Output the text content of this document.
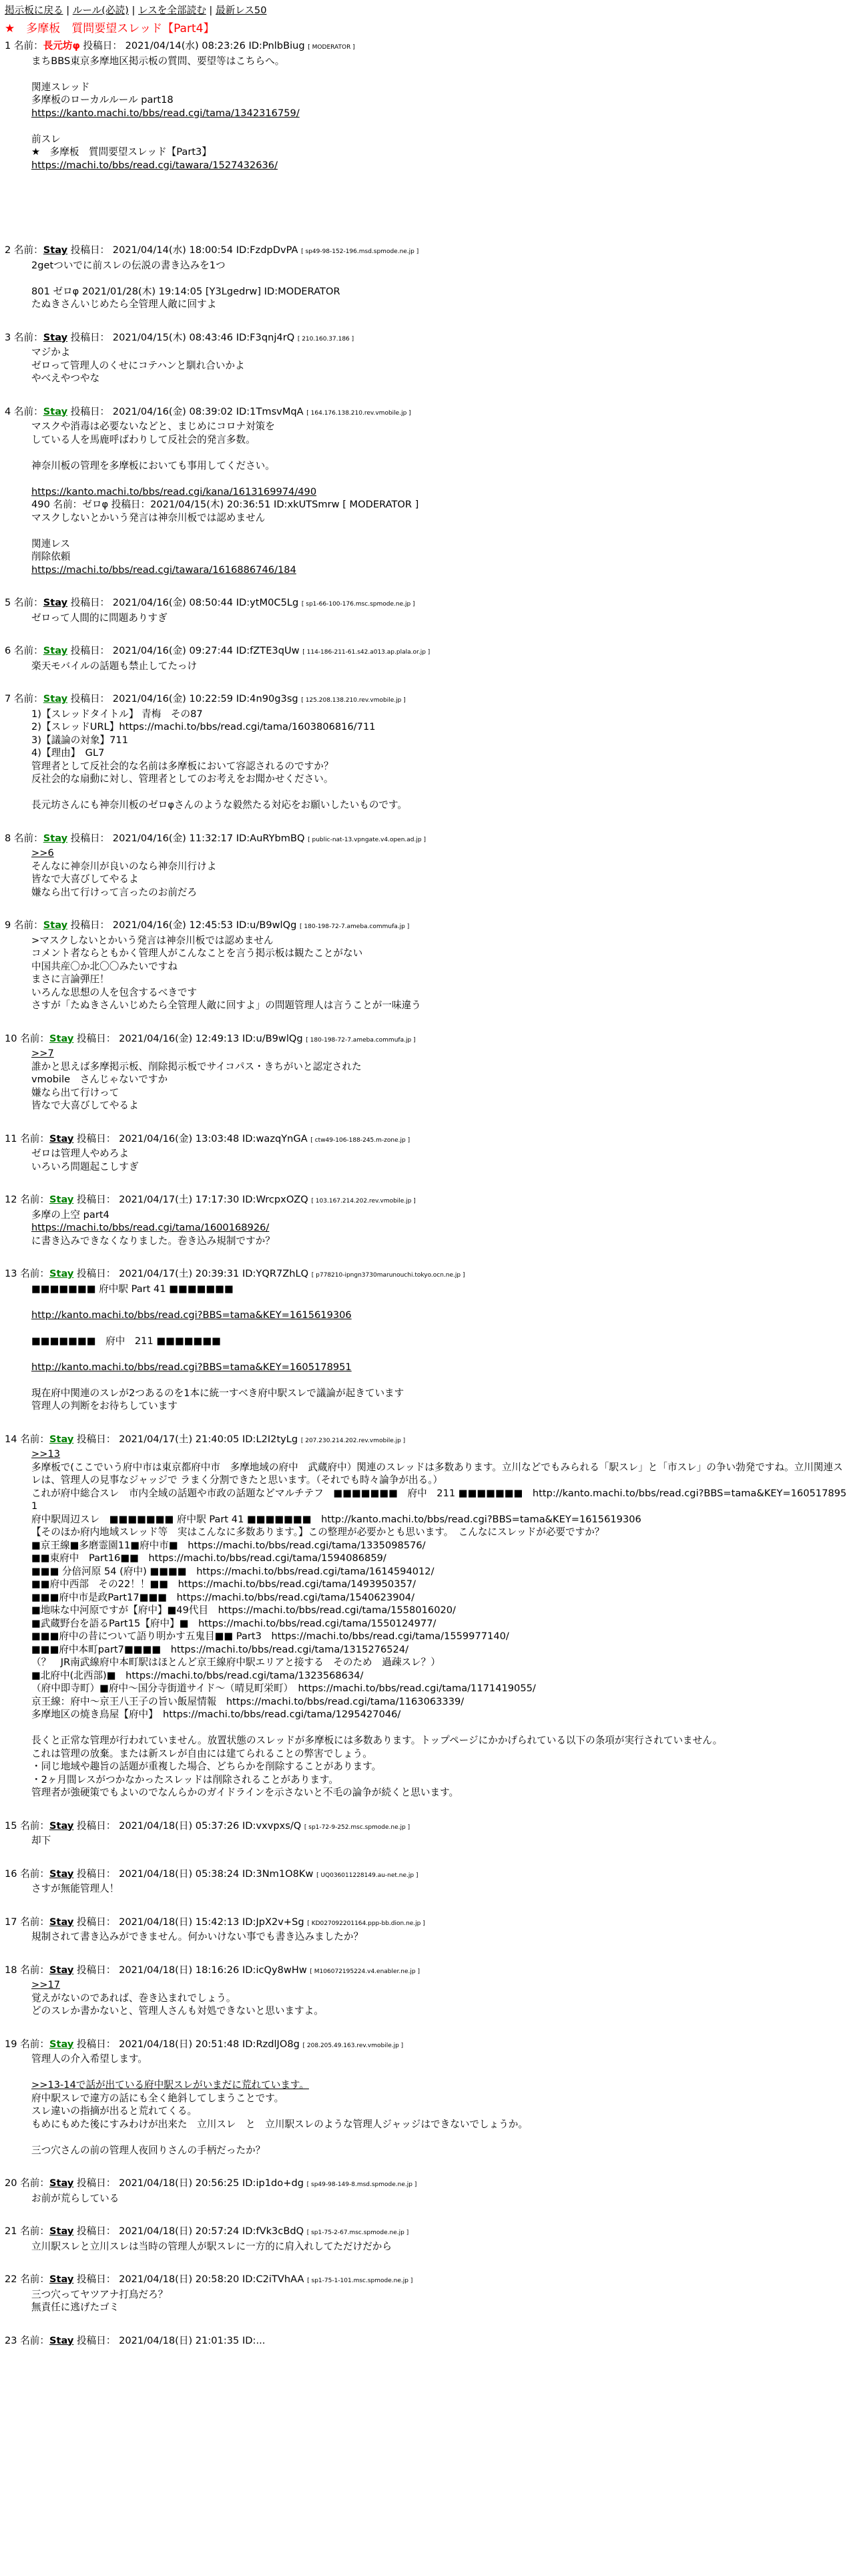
掲示板に戻る | ルール(必読) | レスを全部読む | 最新レス50
★　多摩板　質問要望スレッド【Part4】
1 名前：長元坊φ 投稿日： 2021/04/14(水) 08:23:26 ID:PnlbBiug [ MODERATOR ]
まちBBS東京多摩地区掲示板の質問、要望等はこちらへ。

関連スレッド
多摩板のローカルルール part18
https://kanto.machi.to/bbs/read.cgi/tama/1342316759/

前スレ
★　多摩板　質問要望スレッド【Part3】
https://machi.to/bbs/read.cgi/tawara/1527432636/

2 名前：Stay 投稿日： 2021/04/14(水) 18:00:54 ID:FzdpDvPA [ sp49-98-152-196.msd.spmode.ne.jp ]
2getついでに前スレの伝説の書き込みを1つ

801 ゼロφ 2021/01/28(木) 19:14:05 [Y3Lgedrw] ID:MODERATOR
たぬきさんいじめたら全管理人敵に回すよ
3 名前：Stay 投稿日： 2021/04/15(木) 08:43:46 ID:F3qnj4rQ [ 210.160.37.186 ]
マジかよ
ゼロって管理人のくせにコテハンと馴れ合いかよ
やべえやつやな
4 名前：Stay 投稿日： 2021/04/16(金) 08:39:02 ID:1TmsvMqA [ 164.176.138.210.rev.vmobile.jp ]
マスクや消毒は必要ないなどと、まじめにコロナ対策を
している人を馬鹿呼ばわりして反社会的発言多数。

神奈川板の管理を多摩板においても事用してください。

https://kanto.machi.to/bbs/read.cgi/kana/1613169974/490
490 名前：ゼロφ 投稿日：2021/04/15(木) 20:36:51 ID:xkUTSmrw [ MODERATOR ]
マスクしないとかいう発言は神奈川板では認めません

関連レス
削除依頼
https://machi.to/bbs/read.cgi/tawara/1616886746/184
5 名前：Stay 投稿日： 2021/04/16(金) 08:50:44 ID:ytM0C5Lg [ sp1-66-100-176.msc.spmode.ne.jp ]
ゼロって人間的に問題ありすぎ
6 名前：Stay 投稿日： 2021/04/16(金) 09:27:44 ID:fZTE3qUw [ 114-186-211-61.s42.a013.ap.plala.or.jp ]
楽天モバイルの話題も禁止してたっけ
7 名前：Stay 投稿日： 2021/04/16(金) 10:22:59 ID:4n90g3sg [ 125.208.138.210.rev.vmobile.jp ]
1)【スレッドタイトル】 青梅　その87
2)【スレッドURL】https://machi.to/bbs/read.cgi/tama/1603806816/711
3)【議論の対象】711
4)【理由】　GL7
管理者として反社会的な名前は多摩板において容認されるのですか？
反社会的な扇動に対し、管理者としてのお考えをお聞かせください。

長元坊さんにも神奈川板のゼロφさんのような毅然たる対応をお願いしたいものです。
8 名前：Stay 投稿日： 2021/04/16(金) 11:32:17 ID:AuRYbmBQ [ public-nat-13.vpngate.v4.open.ad.jp ]
>>6
そんなに神奈川が良いのなら神奈川行けよ
皆なで大喜びしてやるよ
嫌なら出て行けって言ったのお前だろ
9 名前：Stay 投稿日： 2021/04/16(金) 12:45:53 ID:u/B9wlQg [ 180-198-72-7.ameba.commufa.jp ]
>マスクしないとかいう発言は神奈川板では認めません
コメント者ならともかく管理人がこんなことを言う掲示板は観たことがない
中国共産〇か北〇〇みたいですね
まさに言論弾圧！
いろんな思想の人を包含するべきです
さすが「たぬきさんいじめたら全管理人敵に回すよ」の問題管理人は言うことが一味違う
10 名前：Stay 投稿日： 2021/04/16(金) 12:49:13 ID:u/B9wlQg [ 180-198-72-7.ameba.commufa.jp ]
>>7
誰かと思えば多摩掲示板、削除掲示板でサイコパス・きちがいと認定された
vmobile　さんじゃないですか
嫌なら出て行けって
皆なで大喜びしてやるよ
11 名前：Stay 投稿日： 2021/04/16(金) 13:03:48 ID:wazqYnGA [ ctw49-106-188-245.m-zone.jp ]
ゼロは管理人やめろよ
いろいろ問題起こしすぎ
12 名前：Stay 投稿日： 2021/04/17(土) 17:17:30 ID:WrcpxOZQ [ 103.167.214.202.rev.vmobile.jp ]
多摩の上空 part4
https://machi.to/bbs/read.cgi/tama/1600168926/
に書き込みできなくなりました。巻き込み規制ですか？
13 名前：Stay 投稿日： 2021/04/17(土) 20:39:31 ID:YQR7ZhLQ [ p778210-ipngn3730marunouchi.tokyo.ocn.ne.jp ]
■■■■■■■ 府中駅 Part 41 ■■■■■■■

http://kanto.machi.to/bbs/read.cgi?BBS=tama&KEY=1615619306

■■■■■■■　府中　211 ■■■■■■■

http://kanto.machi.to/bbs/read.cgi?BBS=tama&KEY=1605178951

現在府中関連のスレが2つあるのを1本に統一すべき府中駅スレで議論が起きています
管理人の判断をお待ちしています
14 名前：Stay 投稿日： 2021/04/17(土) 21:40:05 ID:L2I2tyLg [ 207.230.214.202.rev.vmobile.jp ]
>>13
多摩板で(ここでいう府中市は東京都府中市　多摩地域の府中　武蔵府中）関連のスレッドは多数あります。立川などでもみられる「駅スレ」と「市スレ」の争い勃発ですね。立川関連スレは、管理人の見事なジャッジで ラまく分割できたと思います。（それでも時々論争が出る。）
これが府中総合スレ　市内全域の話題や市政の話題などマルチテフ　■■■■■■■　府中　211 ■■■■■■■　http://kanto.machi.to/bbs/read.cgi?BBS=tama&KEY=1605178951
府中駅周辺スレ　■■■■■■■ 府中駅 Part 41 ■■■■■■■　http://kanto.machi.to/bbs/read.cgi?BBS=tama&KEY=1615619306
【そのほか府内地域スレッド等　実はこんなに多数あります。】この整理が必要かとも思います。　こんなにスレッドが必要ですか？
■京王線■多磨霊園11■府中市■　https://machi.to/bbs/read.cgi/tama/1335098576/
■■東府中　Part16■■　https://machi.to/bbs/read.cgi/tama/1594086859/
■■■ 分倍河原 54 (府中) ■■■■　https://machi.to/bbs/read.cgi/tama/1614594012/
■■府中西部　その22！！■■　https://machi.to/bbs/read.cgi/tama/1493950357/
■■■府中市是政Part17■■■　https://machi.to/bbs/read.cgi/tama/1540623904/
■地味な中河原ですが【府中】■49代目　https://machi.to/bbs/read.cgi/tama/1558016020/
■武蔵野台を語るPart15【府中】■　https://machi.to/bbs/read.cgi/tama/1550124977/
■■■府中の昔について語り明かす五鬼目■■ Part3　https://machi.to/bbs/read.cgi/tama/1559977140/
■■■府中本町part7■■■■　https://machi.to/bbs/read.cgi/tama/1315276524/
（？　JR南武線府中本町駅はほとんど京王線府中駅エリアと接する　そのため　過疎スレ？）
■北府中(北西部)■　https://machi.to/bbs/read.cgi/tama/1323568634/
（府中即寺町）■府中〜国分寺街道サイド〜（晴見町栄町）　https://machi.to/bbs/read.cgi/tama/1171419055/
京王線：府中〜京王八王子の旨い飯屋情報　https://machi.to/bbs/read.cgi/tama/1163063339/
多摩地区の焼き鳥屋【府中】　https://machi.to/bbs/read.cgi/tama/1295427046/

長くと正常な管理が行われていません。放置状態のスレッドが多摩板には多数あります。トップページにかかげられている以下の条項が実行されていません。
これは管理の放棄。または新スレが自由には建てられることの弊害でしょう。
・同じ地域や趣旨の話題が重複した場合、どちらかを削除することがあります。
・2ヶ月間レスがつかなかったスレッドは削除されることがあります。
管理者が強硬策でもよいのでなんらかのガイドラインを示さないと不毛の論争が続くと思います。
15 名前：Stay 投稿日： 2021/04/18(日) 05:37:26 ID:vxvpxs/Q [ sp1-72-9-252.msc.spmode.ne.jp ]
却下
16 名前：Stay 投稿日： 2021/04/18(日) 05:38:24 ID:3Nm1O8Kw [ UQ036011228149.au-net.ne.jp ]
さすが無能管理人！
17 名前：Stay 投稿日： 2021/04/18(日) 15:42:13 ID:JpX2v+Sg [ KD027092201164.ppp-bb.dion.ne.jp ]
規制されて書き込みができません。何かいけない事でも書き込みましたか？
18 名前：Stay 投稿日： 2021/04/18(日) 18:16:26 ID:icQy8wHw [ M106072195224.v4.enabler.ne.jp ]
>>17
覚えがないのであれば、巻き込まれでしょう。
どのスレか書かないと、管理人さんも対処できないと思いますよ。
19 名前：Stay 投稿日： 2021/04/18(日) 20:51:48 ID:RzdlJO8g [ 208.205.49.163.rev.vmobile.jp ]
管理人の介入希望します。

>>13-14で話が出ている府中駅スレがいまだに荒れています。
府中駅スレで違方の話にも全く絶斜してしまうことです。
スレ違いの指摘が出ると荒れてくる。
もめにもめた後にすみわけが出来た　立川スレ　と　立川駅スレのような管理人ジャッジはできないでしょうか。

三つ穴さんの前の管理人夜回りさんの手柄だったか？
20 名前：Stay 投稿日： 2021/04/18(日) 20:56:25 ID:ip1do+dg [ sp49-98-149-8.msd.spmode.ne.jp ]
お前が荒らしている
21 名前：Stay 投稿日： 2021/04/18(日) 20:57:24 ID:fVk3cBdQ [ sp1-75-2-67.msc.spmode.ne.jp ]
立川駅スレと立川スレは当時の管理人が駅スレに一方的に肩入れしてただけだから
22 名前：Stay 投稿日： 2021/04/18(日) 20:58:20 ID:C2iTVhAA [ sp1-75-1-101.msc.spmode.ne.jp ]
三つ穴ってヤツアナ打鳥だろ？
無責任に逃げたゴミ
23 名前：Stay 投稿日： 2021/04/18(日) 21:01:35 ID:...
